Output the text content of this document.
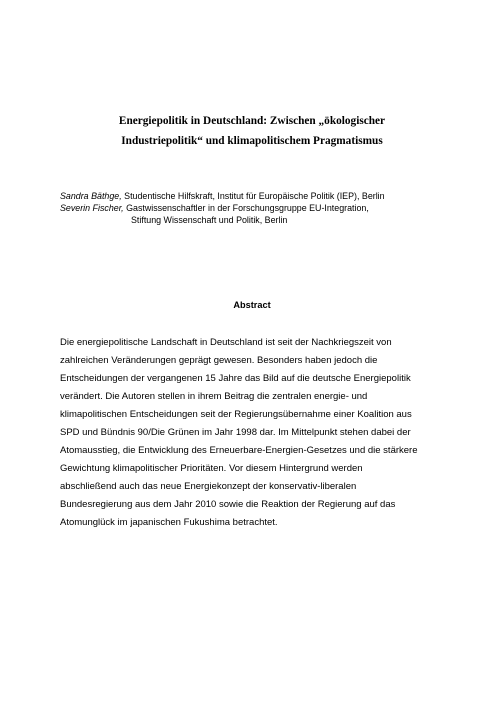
Energiepolitik in Deutschland: Zwischen „ökologischer
Industriepolitik“ und klimapolitischem Pragmatismus
Sandra Bäthge, Studentische Hilfskraft, Institut für Europäische Politik (IEP), Berlin
Severin Fischer, Gastwissenschaftler in der Forschungsgruppe EU-Integration,
Stiftung Wissenschaft und Politik, Berlin
Abstract
Die energiepolitische Landschaft in Deutschland ist seit der Nachkriegszeit von
zahlreichen Veränderungen geprägt gewesen. Besonders haben jedoch die
Entscheidungen der vergangenen 15 Jahre das Bild auf die deutsche Energiepolitik
verändert. Die Autoren stellen in ihrem Beitrag die zentralen energie- und
klimapolitischen Entscheidungen seit der Regierungsübernahme einer Koalition aus
SPD und Bündnis 90/Die Grünen im Jahr 1998 dar. Im Mittelpunkt stehen dabei der
Atomausstieg, die Entwicklung des Erneuerbare-Energien-Gesetzes und die stärkere
Gewichtung klimapolitischer Prioritäten. Vor diesem Hintergrund werden
abschließend auch das neue Energiekonzept der konservativ-liberalen
Bundesregierung aus dem Jahr 2010 sowie die Reaktion der Regierung auf das
Atomunglück im japanischen Fukushima betrachtet.
